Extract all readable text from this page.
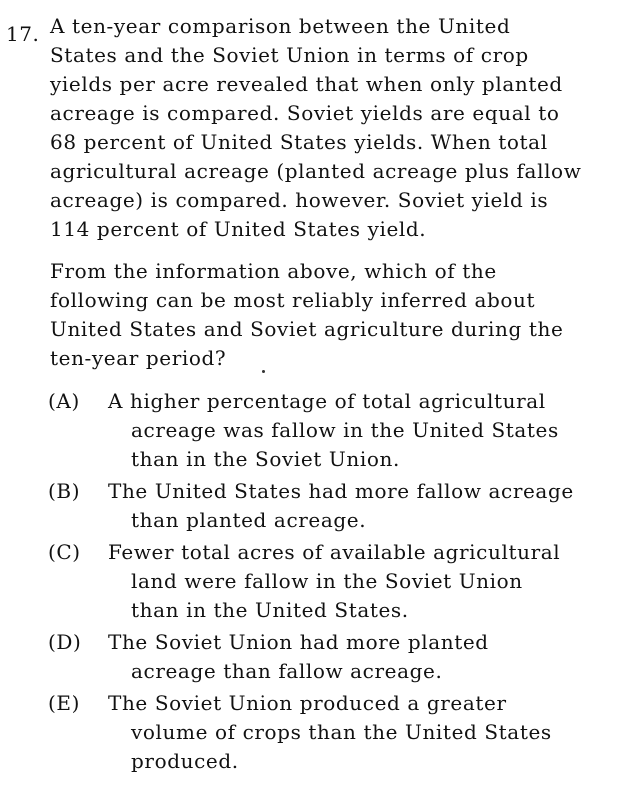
17. A ten-year comparison between the United
States and the Soviet Union in terms of crop
yields per acre revealed that when only planted
acreage is compared. Soviet yields are equal to
68 percent of United States yields. When total
agricultural acreage (planted acreage plus fallow
acreage) is compared. however. Soviet yield is
114 percent of United States yield.
From the information above, which of the
following can be most reliably inferred about
United States and Soviet agriculture during the
ten-year period?
(A) A higher percentage of total agricultural
acreage was fallow in the United States
than in the Soviet Union.
(B) The United States had more fallow acreage
than planted acreage.
(C) Fewer total acres of available agricultural
land were fallow in the Soviet Union
than in the United States.
(D) The Soviet Union had more planted
acreage than fallow acreage.
(E) The Soviet Union produced a greater
volume of crops than the United States
produced.
